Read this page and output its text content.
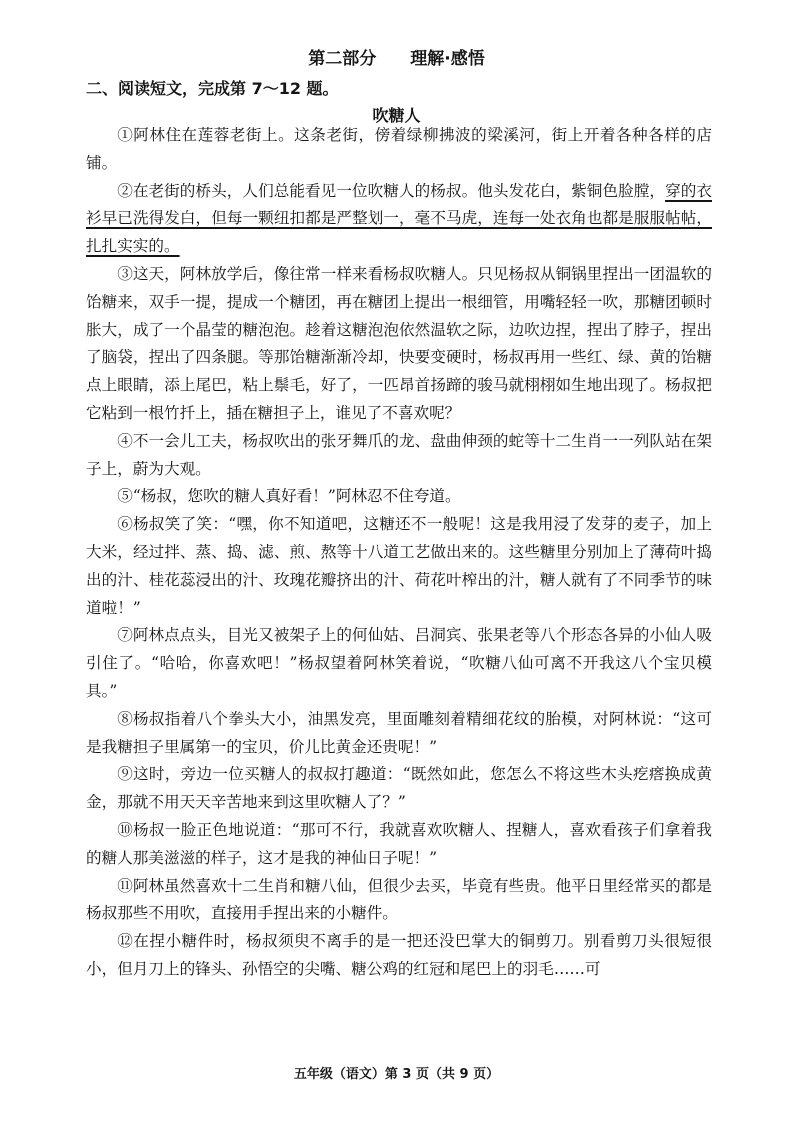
第二部分　　理解·感悟
二、阅读短文，完成第 7～12 题。
吹糖人

①阿林住在莲蓉老街上。这条老街，傍着绿柳拂波的梁溪河，街上开着各种各样的店铺。

②在老街的桥头，人们总能看见一位吹糖人的杨叔。他头发花白，紫铜色脸膛，穿的衣衫早已洗得发白，但每一颗纽扣都是严整划一，毫不马虎，连每一处衣角也都是服服帖帖，扎扎实实的。

③这天，阿林放学后，像往常一样来看杨叔吹糖人。只见杨叔从铜锅里捏出一团温软的饴糖来，双手一提，提成一个糖团，再在糖团上提出一根细管，用嘴轻轻一吹，那糖团顿时胀大，成了一个晶莹的糖泡泡。趁着这糖泡泡依然温软之际，边吹边捏，捏出了脖子，捏出了脑袋，捏出了四条腿。等那饴糖渐渐冷却，快要变硬时，杨叔再用一些红、绿、黄的饴糖点上眼睛，添上尾巴，粘上鬃毛，好了，一匹昂首扬蹄的骏马就栩栩如生地出现了。杨叔把它粘到一根竹扦上，插在糖担子上，谁见了不喜欢呢？

④不一会儿工夫，杨叔吹出的张牙舞爪的龙、盘曲伸颈的蛇等十二生肖一一列队站在架子上，蔚为大观。

⑤“杨叔，您吹的糖人真好看！”阿林忍不住夸道。

⑥杨叔笑了笑：“嘿，你不知道吧，这糖还不一般呢！这是我用浸了发芽的麦子，加上大米，经过拌、蒸、捣、滤、煎、熬等十八道工艺做出来的。这些糖里分别加上了薄荷叶捣出的汁、桂花蕊浸出的汁、玫瑰花瓣挤出的汁、荷花叶榨出的汁，糖人就有了不同季节的味道啦！”

⑦阿林点点头，目光又被架子上的何仙姑、吕洞宾、张果老等八个形态各异的小仙人吸引住了。“哈哈，你喜欢吧！”杨叔望着阿林笑着说，“吹糖八仙可离不开我这八个宝贝模具。”

⑧杨叔指着八个拳头大小，油黑发亮，里面雕刻着精细花纹的胎模，对阿林说：“这可是我糖担子里属第一的宝贝，价儿比黄金还贵呢！”

⑨这时，旁边一位买糖人的叔叔打趣道：“既然如此，您怎么不将这些木头疙瘩换成黄金，那就不用天天辛苦地来到这里吹糖人了？”

⑩杨叔一脸正色地说道：“那可不行，我就喜欢吹糖人、捏糖人，喜欢看孩子们拿着我的糖人那美滋滋的样子，这才是我的神仙日子呢！”

⑪阿林虽然喜欢十二生肖和糖八仙，但很少去买，毕竟有些贵。他平日里经常买的都是杨叔那些不用吹，直接用手捏出来的小糖件。

⑫在捏小糖件时，杨叔须臾不离手的是一把还没巴掌大的铜剪刀。别看剪刀头很短很小，但月刀上的锋头、孙悟空的尖嘴、糖公鸡的红冠和尾巴上的羽毛……可

五年级（语文）第 3 页（共 9 页）
